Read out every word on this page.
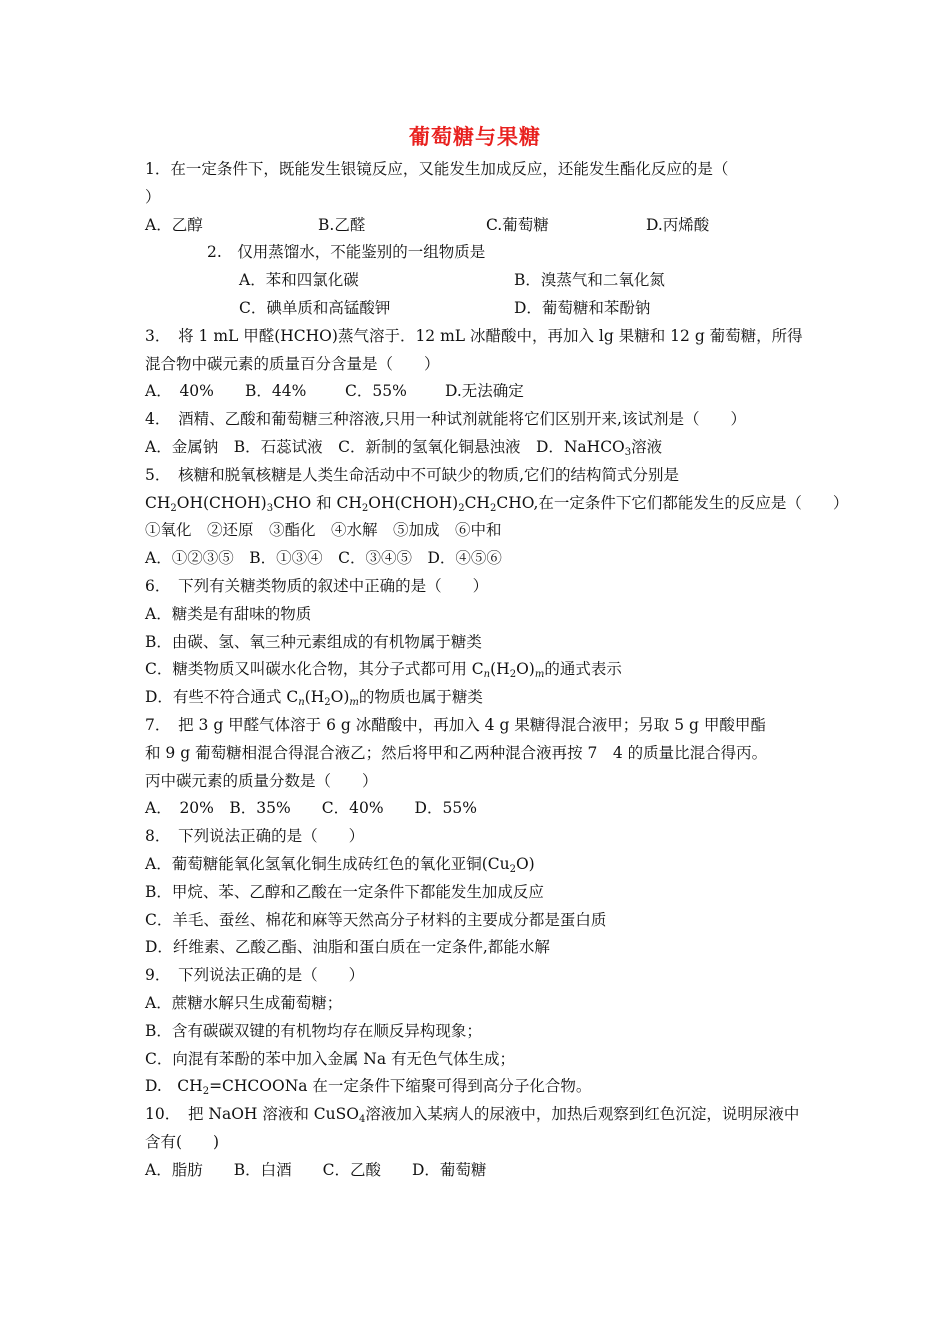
葡萄糖与果糖
1．在一定条件下，既能发生银镜反应，又能发生加成反应，还能发生酯化反应的是（
）
A．乙醇	B.乙醛	C.葡萄糖	D.丙烯酸
2.　仅用蒸馏水，不能鉴别的一组物质是
A．苯和四氯化碳	B．溴蒸气和二氧化氮
C．碘单质和高锰酸钾	D．葡萄糖和苯酚钠
3．　将 1 mL 甲醛(HCHO)蒸气溶于．12 mL 冰醋酸中，再加入 lg 果糖和 12 g 葡萄糖，所得
混合物中碳元素的质量百分含量是（　　）
A．　40% B．44% C．55% D.无法确定
4．　酒精、乙酸和葡萄糖三种溶液,只用一种试剂就能将它们区别开来,该试剂是（　　）
A．金属钠　B．石蕊试液　C．新制的氢氧化铜悬浊液　D．NaHCO$_3$溶液
5．　核糖和脱氧核糖是人类生命活动中不可缺少的物质,它们的结构简式分别是
$CH_2OH(CHOH)_3CHO$ 和 $CH_2OH(CHOH)_2CH_2CHO$,在一定条件下它们都能发生的反应是（　　）
①氧化　②还原　③酯化　④水解　⑤加成　⑥中和
A．①②③⑤　B．①③④　C．③④⑤　D．④⑤⑥
6．　下列有关糖类物质的叙述中正确的是（　　）
A．糖类是有甜味的物质
B．由碳、氢、氧三种元素组成的有机物属于糖类
C．糖类物质又叫碳水化合物，其分子式都可用 $C_n(H_2O)_m$的通式表示
D．有些不符合通式 $C_n(H_2O)_m$的物质也属于糖类
7．　把 3 g 甲醛气体溶于 6 g 冰醋酸中，再加入 4 g 果糖得混合液甲；另取 5 g 甲酸甲酯
和 9 g 葡萄糖相混合得混合液乙；然后将甲和乙两种混合液再按 7　4 的质量比混合得丙。
丙中碳元素的质量分数是（　　）
A．　20%　B．35%　　C．40%　　D．55%
8．　下列说法正确的是（　　）
A．葡萄糖能氧化氢氧化铜生成砖红色的氧化亚铜$(Cu_2O)$
B．甲烷、苯、乙醇和乙酸在一定条件下都能发生加成反应
C．羊毛、蚕丝、棉花和麻等天然高分子材料的主要成分都是蛋白质
D．纤维素、乙酸乙酯、油脂和蛋白质在一定条件,都能水解
9．　下列说法正确的是（　　）
A．蔗糖水解只生成葡萄糖；
B．含有碳碳双键的有机物均存在顺反异构现象；
C．向混有苯酚的苯中加入金属 Na 有无色气体生成；
D.　$CH_2=CHCOONa$ 在一定条件下缩聚可得到高分子化合物。
10．　把 NaOH 溶液和 CuSO$_4$溶液加入某病人的尿液中，加热后观察到红色沉淀，说明尿液中
含有(　　)
A．脂肪　　B．白酒　　C．乙酸　　D．葡萄糖
